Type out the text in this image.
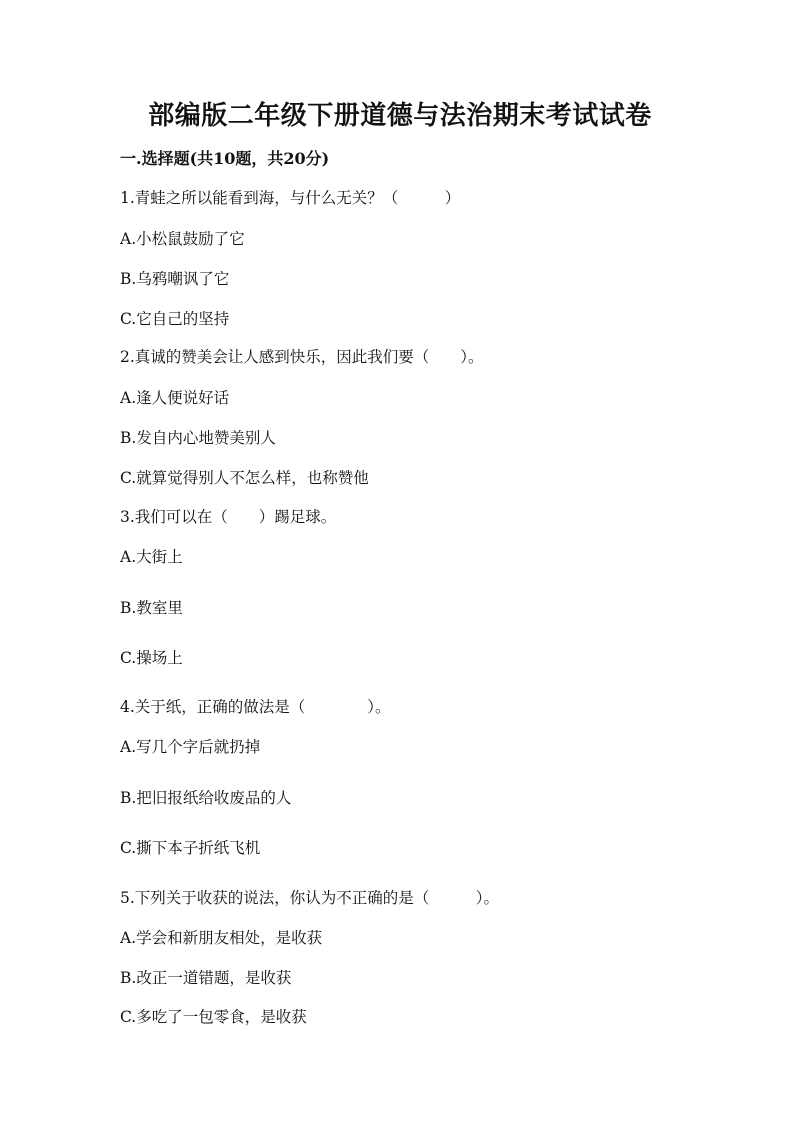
部编版二年级下册道德与法治期末考试试卷
一.选择题(共10题，共20分)
1.青蛙之所以能看到海，与什么无关？（　　　）
A.小松鼠鼓励了它
B.乌鸦嘲讽了它
C.它自己的坚持
2.真诚的赞美会让人感到快乐，因此我们要（　　）。
A.逢人便说好话
B.发自内心地赞美别人
C.就算觉得别人不怎么样，也称赞他
3.我们可以在（　　）踢足球。
A.大街上
B.教室里
C.操场上
4.关于纸，正确的做法是（　　　　）。
A.写几个字后就扔掉
B.把旧报纸给收废品的人
C.撕下本子折纸飞机
5.下列关于收获的说法，你认为不正确的是（　　　）。
A.学会和新朋友相处，是收获
B.改正一道错题，是收获
C.多吃了一包零食，是收获
